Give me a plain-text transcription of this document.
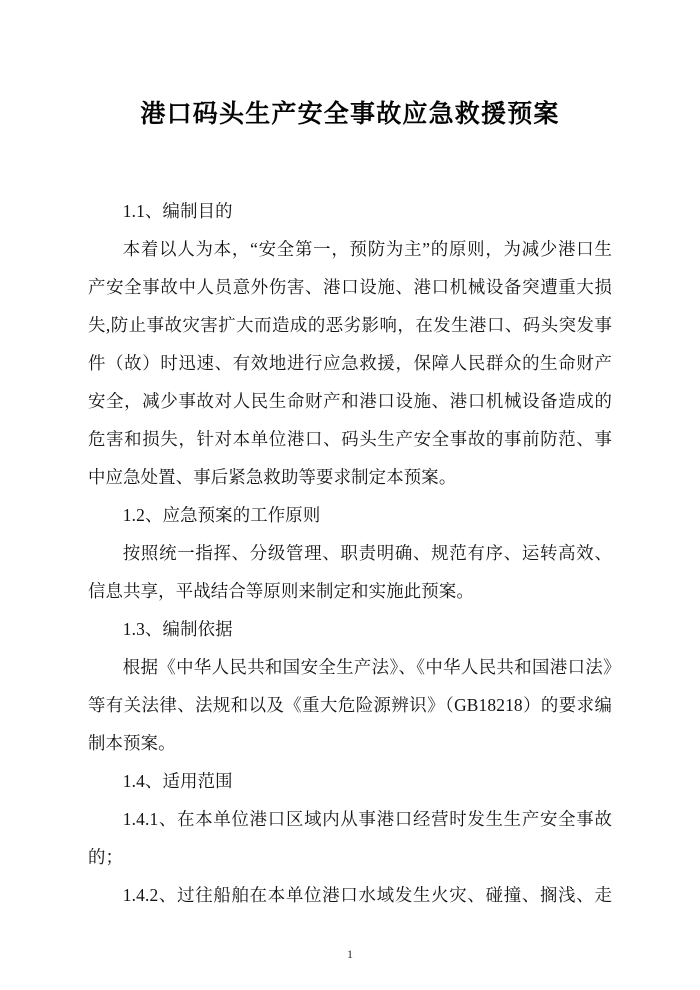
港口码头生产安全事故应急救援预案

1.1、编制目的

本着以人为本，“安全第一，预防为主”的原则，为减少港口生产安全事故中人员意外伤害、港口设施、港口机械设备突遭重大损失,防止事故灾害扩大而造成的恶劣影响，在发生港口、码头突发事件（故）时迅速、有效地进行应急救援，保障人民群众的生命财产安全，减少事故对人民生命财产和港口设施、港口机械设备造成的危害和损失，针对本单位港口、码头生产安全事故的事前防范、事中应急处置、事后紧急救助等要求制定本预案。

1.2、应急预案的工作原则

按照统一指挥、分级管理、职责明确、规范有序、运转高效、信息共享，平战结合等原则来制定和实施此预案。

1.3、编制依据

根据《中华人民共和国安全生产法》、《中华人民共和国港口法》等有关法律、法规和以及《重大危险源辨识》（GB18218）的要求编制本预案。

1.4、适用范围

1.4.1、在本单位港口区域内从事港口经营时发生生产安全事故的；

1.4.2、过往船舶在本单位港口水域发生火灾、碰撞、搁浅、走

1
